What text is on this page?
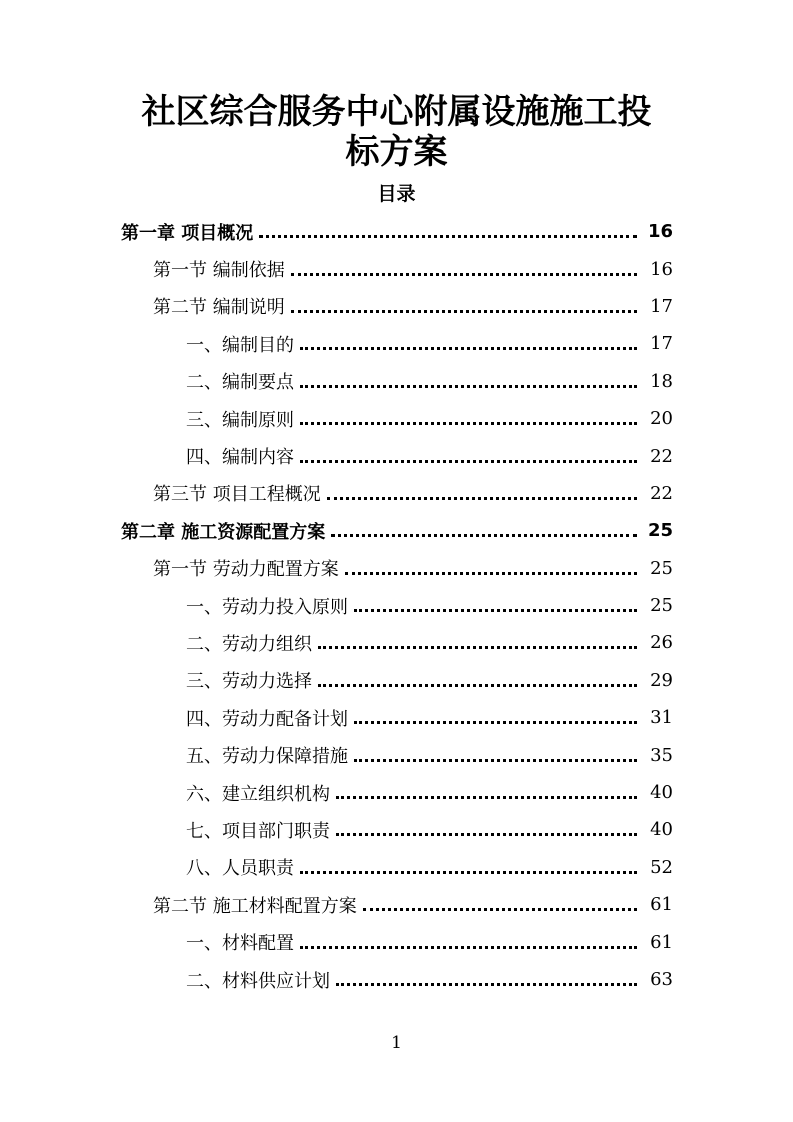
社区综合服务中心附属设施施工投
标方案
目录
第一章 项目概况	16
第一节 编制依据	16
第二节 编制说明	17
一、编制目的	17
二、编制要点	18
三、编制原则	20
四、编制内容	22
第三节 项目工程概况	22
第二章 施工资源配置方案	25
第一节 劳动力配置方案	25
一、劳动力投入原则	25
二、劳动力组织	26
三、劳动力选择	29
四、劳动力配备计划	31
五、劳动力保障措施	35
六、建立组织机构	40
七、项目部门职责	40
八、人员职责	52
第二节 施工材料配置方案	61
一、材料配置	61
二、材料供应计划	63
1
